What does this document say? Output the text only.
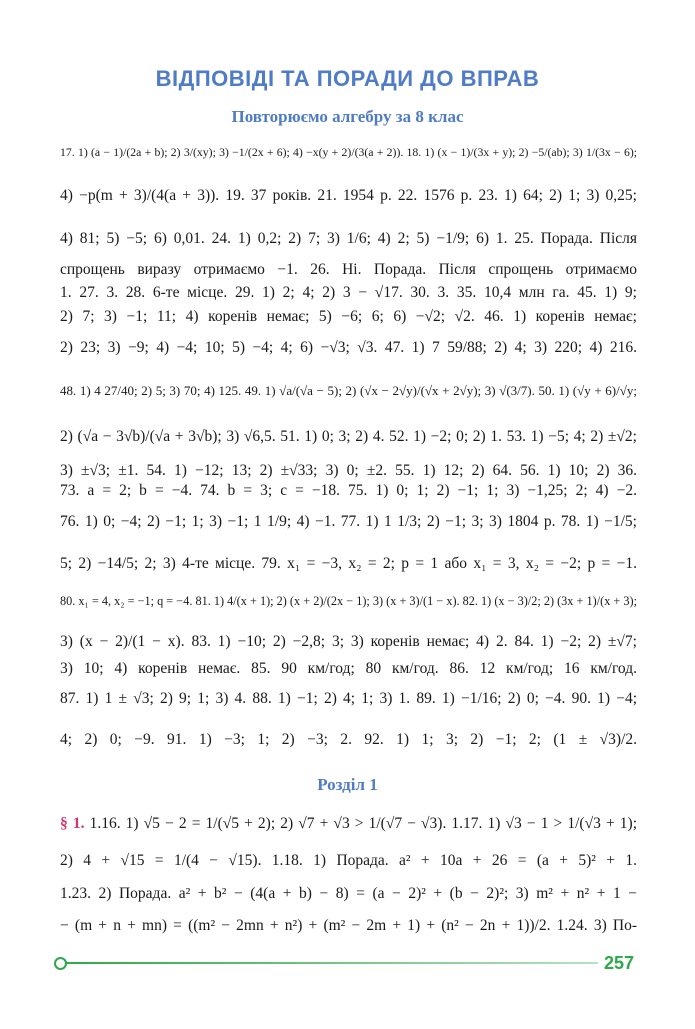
ВІДПОВІДІ ТА ПОРАДИ ДО ВПРАВ
Повторюємо алгебру за 8 клас
17. 1) (a − 1)/(2a + b); 2) 3/(xy); 3) −1/(2x + 6); 4) −x(y + 2)/(3(a + 2)). 18. 1) (x − 1)/(3x + y); 2) −5/(ab); 3) 1/(3x − 6);
4) −p(m + 3)/(4(a + 3)). 19. 37 років. 21. 1954 р. 22. 1576 р. 23. 1) 64; 2) 1; 3) 0,25;
4) 81; 5) −5; 6) 0,01. 24. 1) 0,2; 2) 7; 3) 1/6; 4) 2; 5) −1/9; 6) 1. 25. Порада. Після
спрощень виразу отримаємо −1. 26. Ні. Порада. Після спрощень отримаємо
1. 27. 3. 28. 6-те місце. 29. 1) 2; 4; 2) 3 − √17. 30. 3. 35. 10,4 млн га. 45. 1) 9;
2) 7; 3) −1; 11; 4) коренів немає; 5) −6; 6; 6) −√2; √2. 46. 1) коренів немає;
2) 23; 3) −9; 4) −4; 10; 5) −4; 4; 6) −√3; √3. 47. 1) 7 59/88; 2) 4; 3) 220; 4) 216.
48. 1) 4 27/40; 2) 5; 3) 70; 4) 125. 49. 1) √a/(√a − 5); 2) (√x − 2√y)/(√x + 2√y); 3) √(3/7). 50. 1) (√y + 6)/√y;
2) (√a − 3√b)/(√a + 3√b); 3) √6,5. 51. 1) 0; 3; 2) 4. 52. 1) −2; 0; 2) 1. 53. 1) −5; 4; 2) ±√2;
3) ±√3; ±1. 54. 1) −12; 13; 2) ±√33; 3) 0; ±2. 55. 1) 12; 2) 64. 56. 1) 10; 2) 36.
73. a = 2; b = −4. 74. b = 3; c = −18. 75. 1) 0; 1; 2) −1; 1; 3) −1,25; 2; 4) −2.
76. 1) 0; −4; 2) −1; 1; 3) −1; 1 1/9; 4) −1. 77. 1) 1 1/3; 2) −1; 3; 3) 1804 р. 78. 1) −1/5;
5; 2) −14/5; 2; 3) 4-те місце. 79. x₁ = −3, x₂ = 2; p = 1 або x₁ = 3, x₂ = −2; p = −1.
80. x₁ = 4, x₂ = −1; q = −4. 81. 1) 4/(x + 1); 2) (x + 2)/(2x − 1); 3) (x + 3)/(1 − x). 82. 1) (x − 3)/2; 2) (3x + 1)/(x + 3);
3) (x − 2)/(1 − x). 83. 1) −10; 2) −2,8; 3; 3) коренів немає; 4) 2. 84. 1) −2; 2) ±√7;
3) 10; 4) коренів немає. 85. 90 км/год; 80 км/год. 86. 12 км/год; 16 км/год.
87. 1) 1 ± √3; 2) 9; 1; 3) 4. 88. 1) −1; 2) 4; 1; 3) 1. 89. 1) −1/16; 2) 0; −4. 90. 1) −4;
4; 2) 0; −9. 91. 1) −3; 1; 2) −3; 2. 92. 1) 1; 3; 2) −1; 2; (1 ± √3)/2.
Розділ 1
§ 1. 1.16. 1) √5 − 2 = 1/(√5 + 2); 2) √7 + √3 > 1/(√7 − √3). 1.17. 1) √3 − 1 > 1/(√3 + 1);
2) 4 + √15 = 1/(4 − √15). 1.18. 1) Порада. a² + 10a + 26 = (a + 5)² + 1.
1.23. 2) Порада. a² + b² − (4(a + b) − 8) = (a − 2)² + (b − 2)²; 3) m² + n² + 1 −
− (m + n + mn) = ((m² − 2mn + n²) + (m² − 2m + 1) + (n² − 2n + 1))/2. 1.24. 3) По-
257
